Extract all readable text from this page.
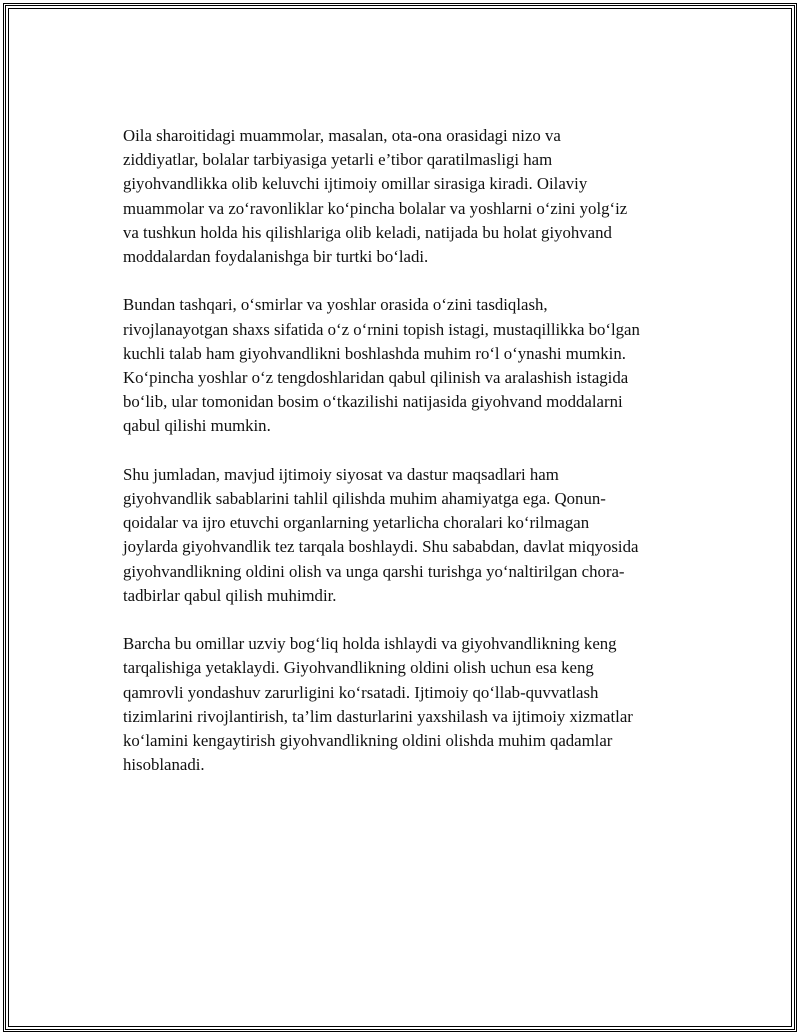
Oila sharoitidagi muammolar, masalan, ota-ona orasidagi nizo va
ziddiyatlar, bolalar tarbiyasiga yetarli e’tibor qaratilmasligi ham
giyohvandlikka olib keluvchi ijtimoiy omillar sirasiga kiradi. Oilaviy
muammolar va zo‘ravonliklar ko‘pincha bolalar va yoshlarni o‘zini yolg‘iz
va tushkun holda his qilishlariga olib keladi, natijada bu holat giyohvand
moddalardan foydalanishga bir turtki bo‘ladi.

Bundan tashqari, o‘smirlar va yoshlar orasida o‘zini tasdiqlash,
rivojlanayotgan shaxs sifatida o‘z o‘rnini topish istagi, mustaqillikka bo‘lgan
kuchli talab ham giyohvandlikni boshlashda muhim ro‘l o‘ynashi mumkin.
Ko‘pincha yoshlar o‘z tengdoshlaridan qabul qilinish va aralashish istagida
bo‘lib, ular tomonidan bosim o‘tkazilishi natijasida giyohvand moddalarni
qabul qilishi mumkin.

Shu jumladan, mavjud ijtimoiy siyosat va dastur maqsadlari ham
giyohvandlik sabablarini tahlil qilishda muhim ahamiyatga ega. Qonun-
qoidalar va ijro etuvchi organlarning yetarlicha choralari ko‘rilmagan
joylarda giyohvandlik tez tarqala boshlaydi. Shu sababdan, davlat miqyosida
giyohvandlikning oldini olish va unga qarshi turishga yo‘naltirilgan chora-
tadbirlar qabul qilish muhimdir.

Barcha bu omillar uzviy bog‘liq holda ishlaydi va giyohvandlikning keng
tarqalishiga yetaklaydi. Giyohvandlikning oldini olish uchun esa keng
qamrovli yondashuv zarurligini ko‘rsatadi. Ijtimoiy qo‘llab-quvvatlash
tizimlarini rivojlantirish, ta’lim dasturlarini yaxshilash va ijtimoiy xizmatlar
ko‘lamini kengaytirish giyohvandlikning oldini olishda muhim qadamlar
hisoblanadi.
